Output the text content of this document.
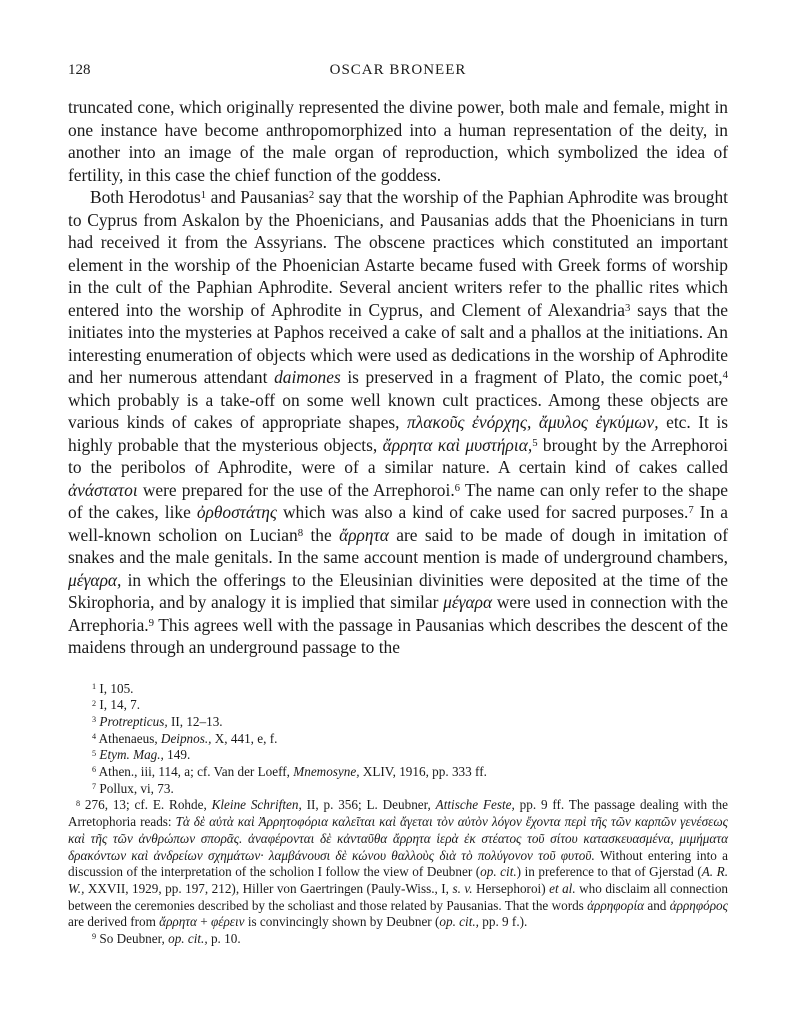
128	OSCAR BRONEER

truncated cone, which originally represented the divine power, both male and female, might in one instance have become anthropomorphized into a human representation of the deity, in another into an image of the male organ of reproduction, which symbolized the idea of fertility, in this case the chief function of the goddess.

Both Herodotus$^1$ and Pausanias$^2$ say that the worship of the Paphian Aphrodite was brought to Cyprus from Askalon by the Phoenicians, and Pausanias adds that the Phoenicians in turn had received it from the Assyrians. The obscene practices which constituted an important element in the worship of the Phoenician Astarte became fused with Greek forms of worship in the cult of the Paphian Aphrodite. Several ancient writers refer to the phallic rites which entered into the worship of Aphrodite in Cyprus, and Clement of Alexandria$^3$ says that the initiates into the mysteries at Paphos received a cake of salt and a phallos at the initiations. An interesting enumeration of objects which were used as dedications in the worship of Aphrodite and her numerous attendant daimones is preserved in a fragment of Plato, the comic poet,$^4$ which probably is a take-off on some well known cult practices. Among these objects are various kinds of cakes of appropriate shapes, πλακοῦς ἐνόρχης, ἄμυλος ἐγκύμων, etc. It is highly probable that the mysterious objects, ἄρρητα καὶ μυστήρια,$^5$ brought by the Arrephoroi to the peribolos of Aphrodite, were of a similar nature. A certain kind of cakes called ἀνάστατοι were prepared for the use of the Arrephoroi.$^6$ The name can only refer to the shape of the cakes, like ὀρθοστάτης which was also a kind of cake used for sacred purposes.$^7$ In a well-known scholion on Lucian$^8$ the ἄρρητα are said to be made of dough in imitation of snakes and the male genitals. In the same account mention is made of underground chambers, μέγαρα, in which the offerings to the Eleusinian divinities were deposited at the time of the Skirophoria, and by analogy it is implied that similar μέγαρα were used in connection with the Arrephoria.$^9$ This agrees well with the passage in Pausanias which describes the descent of the maidens through an underground passage to the

$^1$ I, 105.

$^2$ I, 14, 7.

$^3$ Protrepticus, II, 12–13.

$^4$ Athenaeus, Deipnos., X, 441, e, f.

$^5$ Etym. Mag., 149.

$^6$ Athen., iii, 114, a; cf. Van der Loeff, Mnemosyne, XLIV, 1916, pp. 333 ff.

$^7$ Pollux, vi, 73.

$^8$ 276, 13; cf. E. Rohde, Kleine Schriften, II, p. 356; L. Deubner, Attische Feste, pp. 9 ff. The passage dealing with the Arretophoria reads: Τὰ δὲ αὐτὰ καὶ Ἀρρητοφόρια καλεῖται καὶ ἄγεται τὸν αὐτὸν λόγον ἔχοντα περὶ τῆς τῶν καρπῶν γενέσεως καὶ τῆς τῶν ἀνθρώπων σπορᾶς. ἀναφέρονται δὲ κἀνταῦθα ἄρρητα ἱερὰ ἐκ στέατος τοῦ σίτου κατασκευασμένα, μιμήματα δρακόντων καὶ ἀνδρείων σχημάτων· λαμβάνουσι δὲ κώνου θαλλοὺς διὰ τὸ πολύγονον τοῦ φυτοῦ. Without entering into a discussion of the interpretation of the scholion I follow the view of Deubner (op. cit.) in preference to that of Gjerstad (A. R. W., XXVII, 1929, pp. 197, 212), Hiller von Gaertringen (Pauly-Wiss., I, s. v. Hersephoroi) et al. who disclaim all connection between the ceremonies described by the scholiast and those related by Pausanias. That the words ἀρρηφορία and ἀρρηφόρος are derived from ἄρρητα + φέρειν is convincingly shown by Deubner (op. cit., pp. 9 f.).

$^9$ So Deubner, op. cit., p. 10.
